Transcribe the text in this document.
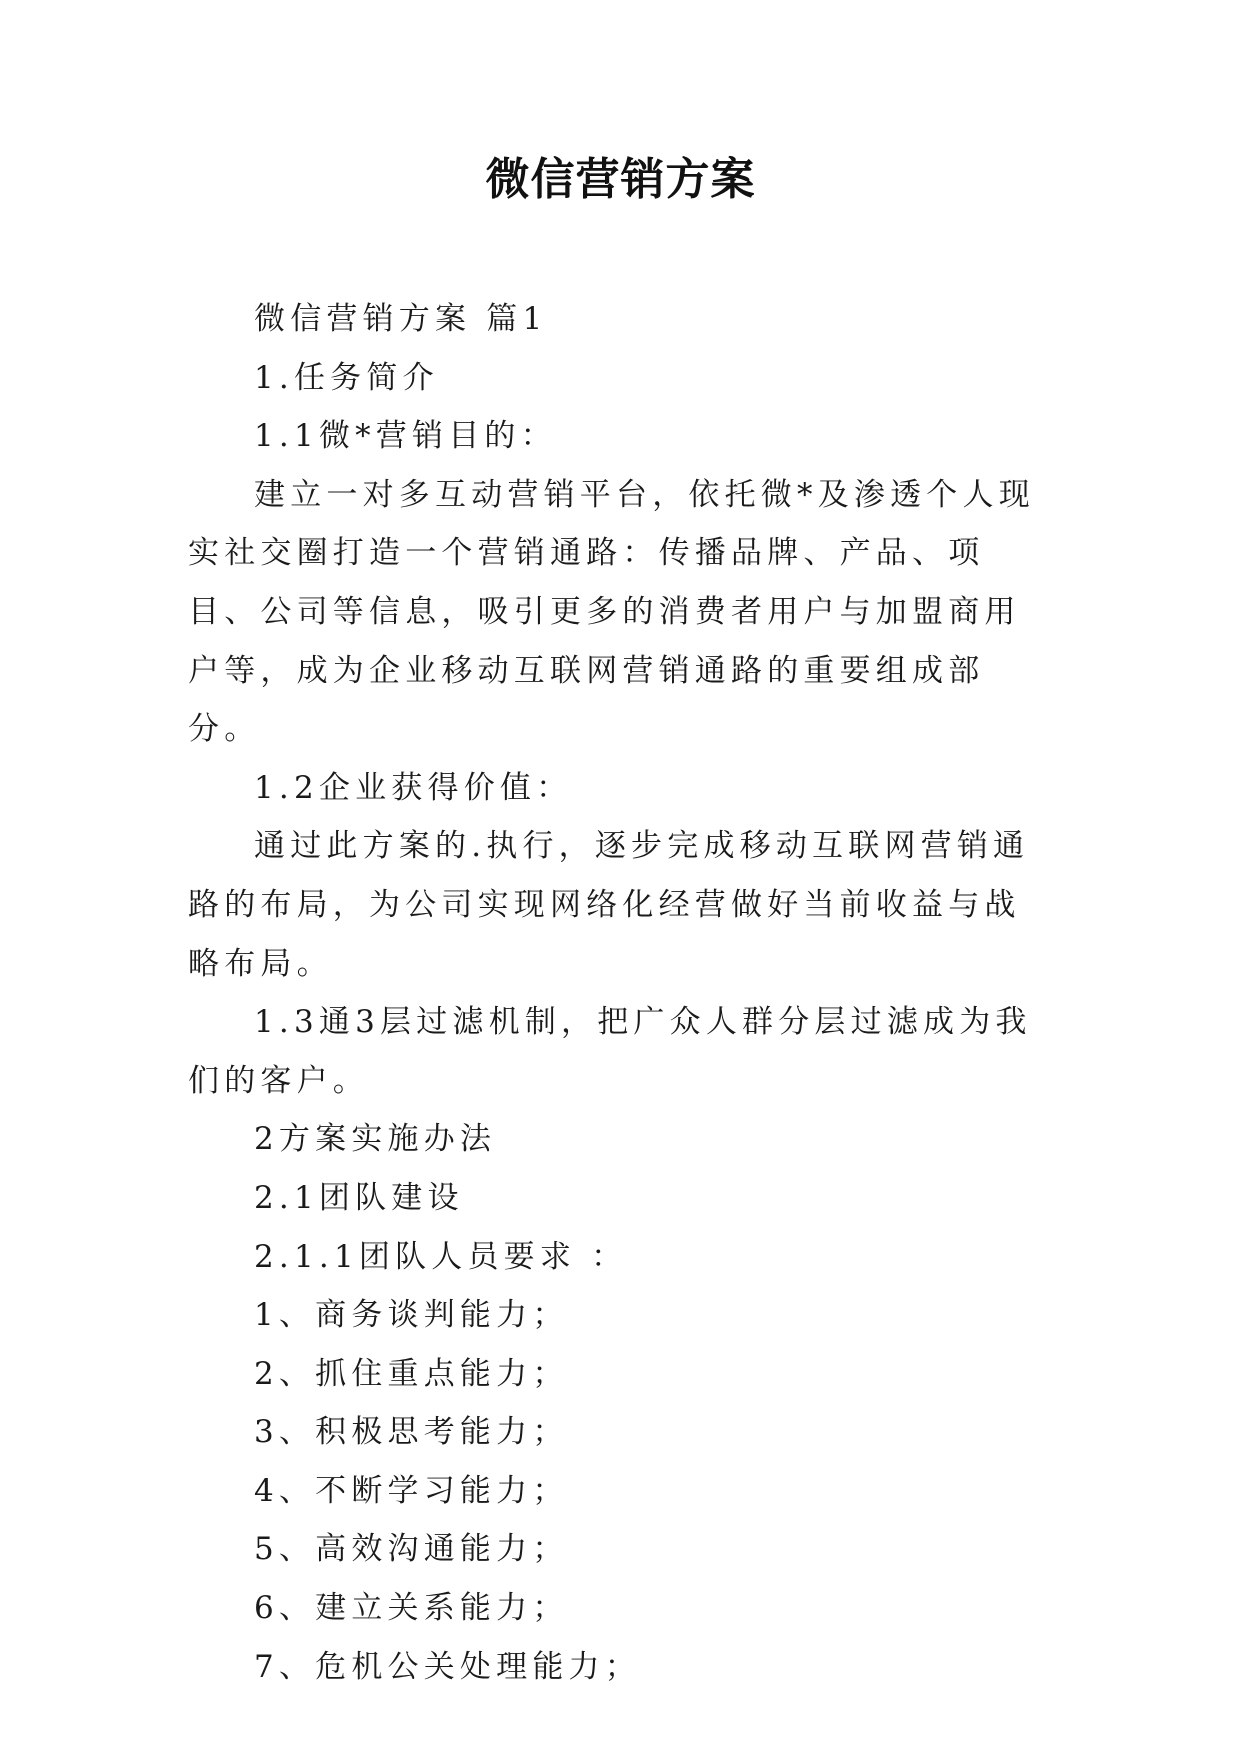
微信营销方案

微信营销方案 篇1

1.任务简介

1.1微*营销目的：

建立一对多互动营销平台，依托微*及渗透个人现实社交圈打造一个营销通路：传播品牌、产品、项目、公司等信息，吸引更多的消费者用户与加盟商用户等，成为企业移动互联网营销通路的重要组成部分。

1.2企业获得价值：

通过此方案的.执行，逐步完成移动互联网营销通路的布局，为公司实现网络化经营做好当前收益与战略布局。

1.3通3层过滤机制，把广众人群分层过滤成为我们的客户。

2方案实施办法

2.1团队建设

2.1.1团队人员要求 ：

1、商务谈判能力；

2、抓住重点能力；

3、积极思考能力；

4、不断学习能力；

5、高效沟通能力；

6、建立关系能力；

7、危机公关处理能力；
